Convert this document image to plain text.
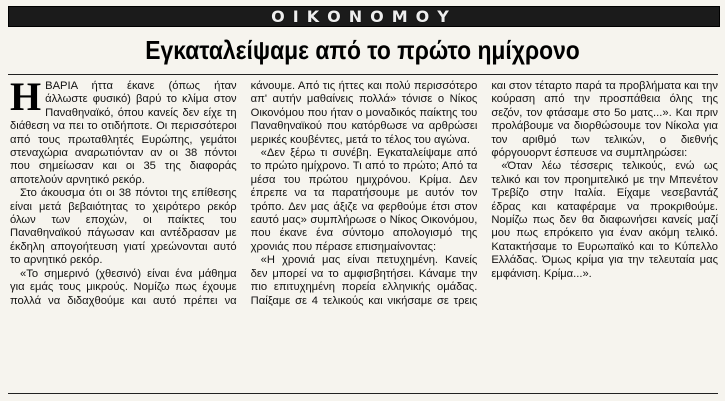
ΟΙΚΟΝΟΜΟΥ
Εγκαταλείψαμε από το πρώτο ημίχρονο

ΗΒΑΡΙΑ ήττα έκανε (όπως ήταν άλλωστε φυσικό) βαρύ το κλίμα στον Παναθηναϊκό, όπου κανείς δεν είχε τη διάθεση να πει το οτιδήποτε. Οι περισσότεροι από τους πρωταθλητές Ευρώπης, γεμάτοι στεναχώρια αναρωτιόνταν αν οι 38 πόντοι που σημείωσαν και οι 35 της διαφοράς αποτελούν αρνητικό ρεκόρ.

Στο άκουσμα ότι οι 38 πόντοι της επίθεσης είναι μετά βεβαιότητας το χειρότερο ρεκόρ όλων των εποχών, οι παίκτες του Παναθηναϊκού πάγωσαν και αντέδρασαν με έκδηλη απογοήτευση γιατί χρεώνονται αυτό το αρνητικό ρεκόρ.

«Το σημερινό (χθεσινό) είναι ένα μάθημα για εμάς τους μικρούς. Νομίζω πως έχουμε πολλά να διδαχθούμε και αυτό πρέπει να κάνουμε. Από τις ήττες και πολύ περισσότερο απ' αυτήν μαθαίνεις πολλά» τόνισε ο Νίκος Οικονόμου που ήταν ο μοναδικός παίκτης του Παναθηναϊκού που κατόρθωσε να αρθρώσει μερικές κουβέντες, μετά το τέλος του αγώνα.

«Δεν ξέρω τι συνέβη. Εγκαταλείψαμε από το πρώτο ημίχρονο. Τι από το πρώτο; Από τα μέσα του πρώτου ημιχρόνου. Κρίμα. Δεν έπρεπε να τα παρατήσουμε με αυτόν τον τρόπο. Δεν μας άξιζε να φερθούμε έτσι στον εαυτό μας» συμπλήρωσε ο Νίκος Οικονόμου, που έκανε ένα σύντομο απολογισμό της χρονιάς που πέρασε επισημαίνοντας:

«Η χρονιά μας είναι πετυχημένη. Κανείς δεν μπορεί να το αμφισβητήσει. Κάναμε την πιο επιτυχημένη πορεία ελληνικής ομάδας. Παίξαμε σε 4 τελικούς και νικήσαμε σε τρεις και στον τέταρτο παρά τα προβλήματα και την κούραση από την προσπάθεια όλης της σεζόν, τον φτάσαμε στο 5ο ματς...». Και πριν προλάβουμε να διορθώσουμε τον Νίκολα για τον αριθμό των τελικών, ο διεθνής φόργουορντ έσπευσε να συμπληρώσει:

«Όταν λέω τέσσερις τελικούς, ενώ ως τελικό και τον προημιτελικό με την Μπενέτον Τρεβίζο στην Ιταλία. Είχαμε νεσεβαντάζ έδρας και καταφέραμε να προκριθούμε. Νομίζω πως δεν θα διαφωνήσει κανείς μαζί μου πως επρόκειτο για έναν ακόμη τελικό. Κατακτήσαμε το Ευρωπαϊκό και το Κύπελλο Ελλάδας. Όμως κρίμα για την τελευταία μας εμφάνιση. Κρίμα...».
